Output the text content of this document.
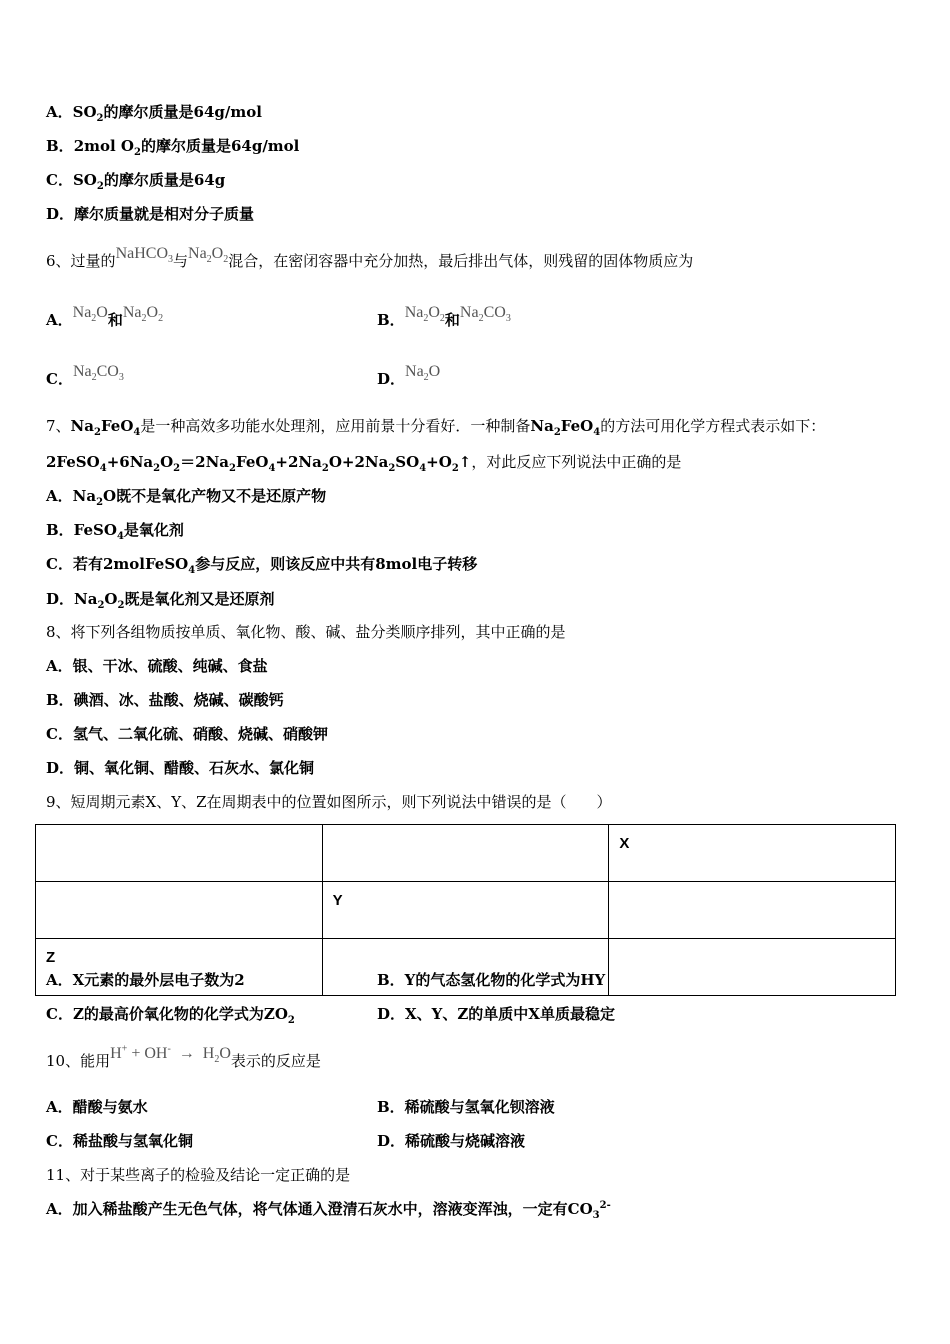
A．$SO_2$的摩尔质量是64g/mol
B．2mol $O_2$的摩尔质量是64g/mol
C．$SO_2$的摩尔质量是64g
D．摩尔质量就是相对分子质量
6、过量的NaHCO$_3$与$Na_2O_2$混合，在密闭容器中充分加热，最后排出气体，则残留的固体物质应为
A．$Na_2O$和$Na_2O_2$	B．$Na_2O_2$和$Na_2CO_3$
C．$Na_2CO_3$	D．$Na_2O$
7、$Na_2FeO_4$是一种高效多功能水处理剂，应用前景十分看好．一种制备$Na_2FeO_4$的方法可用化学方程式表示如下：
$2FeSO_4+6Na_2O_2=2Na_2FeO_4+2Na_2O+2Na_2SO_4+O_2↑$，对此反应下列说法中正确的是
A．$Na_2O$既不是氧化产物又不是还原产物
B．FeSO$_4$是氧化剂
C．若有2molFeSO$_4$参与反应，则该反应中共有8mol电子转移
D．$Na_2O_2$既是氧化剂又是还原剂
8、将下列各组物质按单质、氧化物、酸、碱、盐分类顺序排列，其中正确的是
A．银、干冰、硫酸、纯碱、食盐
B．碘酒、冰、盐酸、烧碱、碳酸钙
C．氢气、二氧化硫、硝酸、烧碱、硝酸钾
D．铜、氧化铜、醋酸、石灰水、氯化铜
9、短周期元素X、Y、Z在周期表中的位置如图所示，则下列说法中错误的是（　　）
		X
	Y	
Z		
A．X元素的最外层电子数为2	B．Y的气态氢化物的化学式为HY
C．Z的最高价氧化物的化学式为$ZO_2$	D．X、Y、Z的单质中X单质最稳定
10、能用$H^+ + OH^- \to H_2O$表示的反应是
A．醋酸与氨水	B．稀硫酸与氢氧化钡溶液
C．稀盐酸与氢氧化铜	D．稀硫酸与烧碱溶液
11、对于某些离子的检验及结论一定正确的是
A．加入稀盐酸产生无色气体，将气体通入澄清石灰水中，溶液变浑浊，一定有$CO_3^{2-}$
